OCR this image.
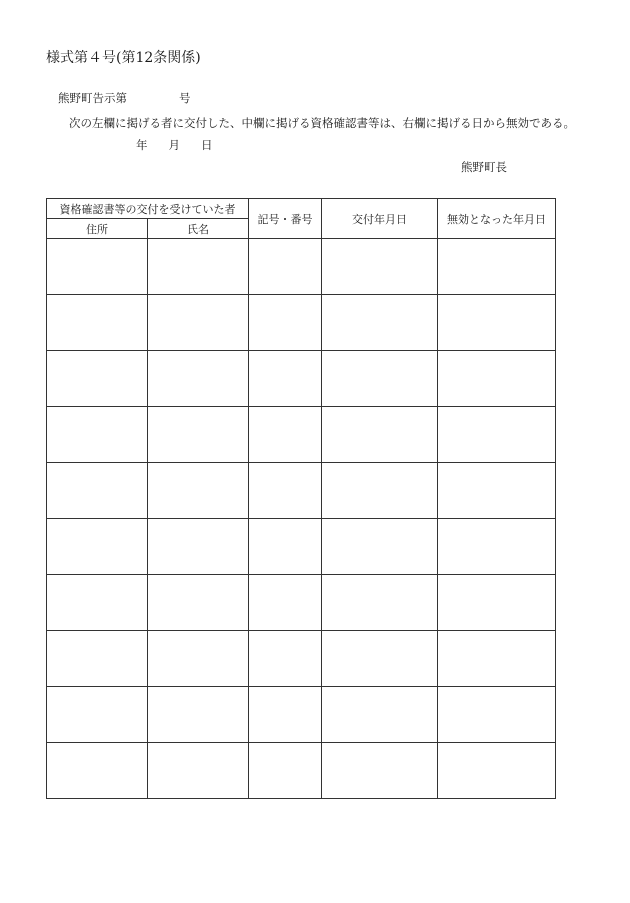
様式第４号(第12条関係)
熊野町告示第	号
次の左欄に掲げる者に交付した、中欄に掲げる資格確認書等は、右欄に掲げる日から無効である。
年 月 日
熊野町長
資格確認書等の交付を受けていた者		記号・番号	交付年月日	無効となった年月日
住所	氏名			
